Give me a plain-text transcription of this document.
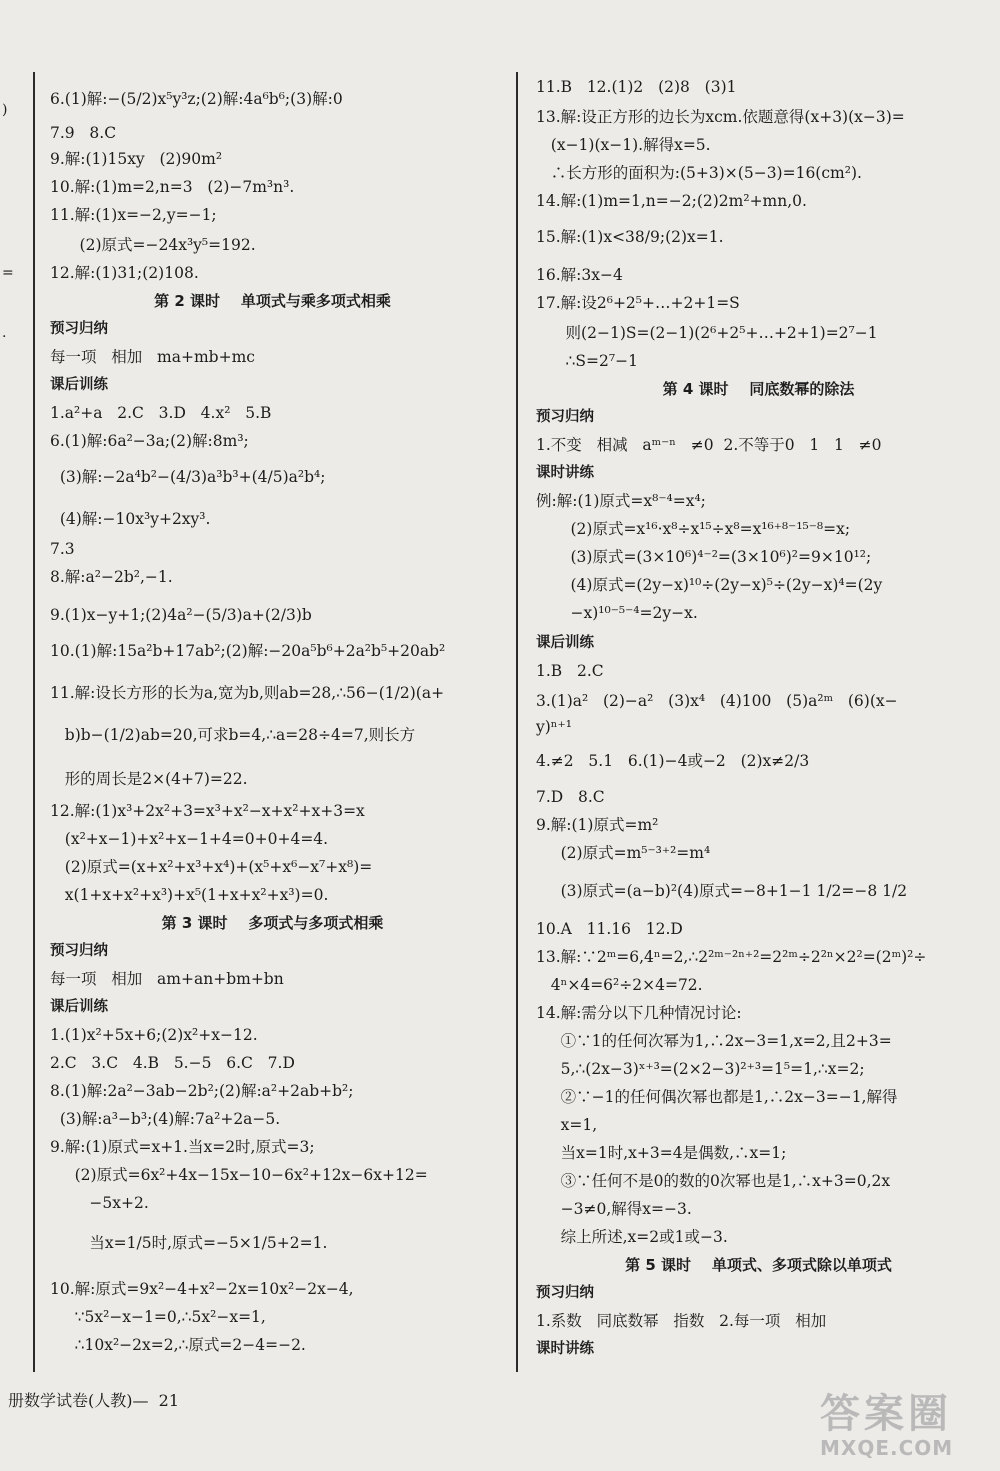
)
=
.
6.(1)解:−(5/2)x⁵y³z;(2)解:4a⁶b⁶;(3)解:0
7.9   8.C
9.解:(1)15xy   (2)90m²
10.解:(1)m=2,n=3   (2)−7m³n³.
11.解:(1)x=−2,y=−1;
(2)原式=−24x³y⁵=192.
12.解:(1)31;(2)108.
第 2 课时    单项式与乘多项式相乘
预习归纳
每一项   相加   ma+mb+mc
课后训练
1.a²+a   2.C   3.D   4.x²   5.B
6.(1)解:6a²−3a;(2)解:8m³;
(3)解:−2a⁴b²−(4/3)a³b³+(4/5)a²b⁴;
(4)解:−10x³y+2xy³.
7.3
8.解:a²−2b²,−1.
9.(1)x−y+1;(2)4a²−(5/3)a+(2/3)b
10.(1)解:15a²b+17ab²;(2)解:−20a⁵b⁶+2a²b⁵+20ab²
11.解:设长方形的长为a,宽为b,则ab=28,∴56−(1/2)(a+
b)b−(1/2)ab=20,可求b=4,∴a=28÷4=7,则长方
形的周长是2×(4+7)=22.
12.解:(1)x³+2x²+3=x³+x²−x+x²+x+3=x
(x²+x−1)+x²+x−1+4=0+0+4=4.
(2)原式=(x+x²+x³+x⁴)+(x⁵+x⁶−x⁷+x⁸)=
x(1+x+x²+x³)+x⁵(1+x+x²+x³)=0.
第 3 课时    多项式与多项式相乘
预习归纳
每一项   相加   am+an+bm+bn
课后训练
1.(1)x²+5x+6;(2)x²+x−12.
2.C   3.C   4.B   5.−5   6.C   7.D
8.(1)解:2a²−3ab−2b²;(2)解:a²+2ab+b²;
(3)解:a³−b³;(4)解:7a²+2a−5.
9.解:(1)原式=x+1.当x=2时,原式=3;
(2)原式=6x²+4x−15x−10−6x²+12x−6x+12=
−5x+2.
当x=1/5时,原式=−5×1/5+2=1.
10.解:原式=9x²−4+x²−2x=10x²−2x−4,
∵5x²−x−1=0,∴5x²−x=1,
∴10x²−2x=2,∴原式=2−4=−2.
册数学试卷(人教)—  21
11.B   12.(1)2   (2)8   (3)1
13.解:设正方形的边长为xcm.依题意得(x+3)(x−3)=
(x−1)(x−1).解得x=5.
∴长方形的面积为:(5+3)×(5−3)=16(cm²).
14.解:(1)m=1,n=−2;(2)2m²+mn,0.
15.解:(1)x<38/9;(2)x=1.
16.解:3x−4
17.解:设2⁶+2⁵+…+2+1=S
则(2−1)S=(2−1)(2⁶+2⁵+…+2+1)=2⁷−1
∴S=2⁷−1
第 4 课时    同底数幂的除法
预习归纳
1.不变   相减   aᵐ⁻ⁿ   ≠0  2.不等于0   1   1   ≠0
课时讲练
例:解:(1)原式=x⁸⁻⁴=x⁴;
(2)原式=x¹⁶·x⁸÷x¹⁵÷x⁸=x¹⁶⁺⁸⁻¹⁵⁻⁸=x;
(3)原式=(3×10⁶)⁴⁻²=(3×10⁶)²=9×10¹²;
(4)原式=(2y−x)¹⁰÷(2y−x)⁵÷(2y−x)⁴=(2y
−x)¹⁰⁻⁵⁻⁴=2y−x.
课后训练
1.B   2.C
3.(1)a²   (2)−a²   (3)x⁴   (4)100   (5)a²ᵐ   (6)(x−
y)ⁿ⁺¹
4.≠2   5.1   6.(1)−4或−2   (2)x≠2/3
7.D   8.C
9.解:(1)原式=m²
(2)原式=m⁵⁻³⁺²=m⁴
(3)原式=(a−b)²(4)原式=−8+1−1 1/2=−8 1/2
10.A   11.16   12.D
13.解:∵2ᵐ=6,4ⁿ=2,∴2²ᵐ⁻²ⁿ⁺²=2²ᵐ÷2²ⁿ×2²=(2ᵐ)²÷
4ⁿ×4=6²÷2×4=72.
14.解:需分以下几种情况讨论:
①∵1的任何次幂为1,∴2x−3=1,x=2,且2+3=
5,∴(2x−3)ˣ⁺³=(2×2−3)²⁺³=1⁵=1,∴x=2;
②∵−1的任何偶次幂也都是1,∴2x−3=−1,解得
x=1,
当x=1时,x+3=4是偶数,∴x=1;
③∵任何不是0的数的0次幂也是1,∴x+3=0,2x
−3≠0,解得x=−3.
综上所述,x=2或1或−3.
第 5 课时    单项式、多项式除以单项式
预习归纳
1.系数   同底数幂   指数   2.每一项   相加
课时讲练
答案圈
MXQE.COM
